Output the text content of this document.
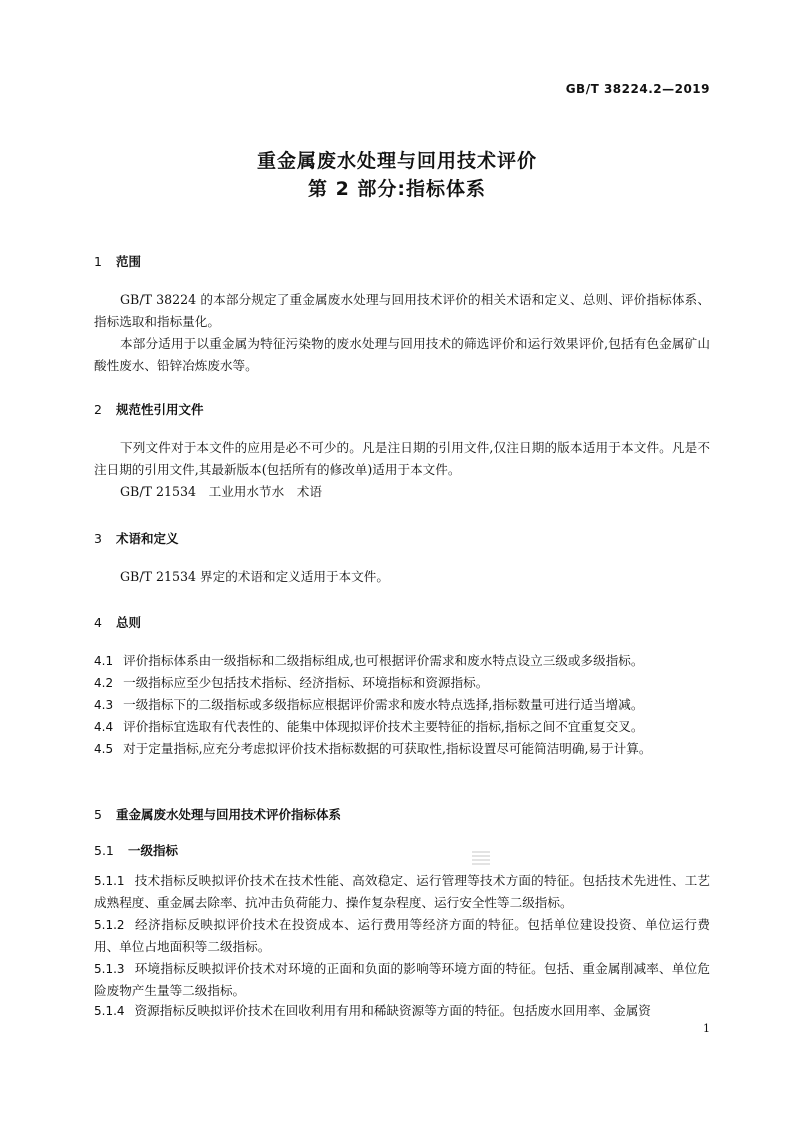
GB/T 38224.2—2019
重金属废水处理与回用技术评价
第 2 部分:指标体系
1 范围
GB/T 38224 的本部分规定了重金属废水处理与回用技术评价的相关术语和定义、总则、评价指标体系、指标选取和指标量化。
本部分适用于以重金属为特征污染物的废水处理与回用技术的筛选评价和运行效果评价,包括有色金属矿山酸性废水、铅锌冶炼废水等。
2 规范性引用文件
下列文件对于本文件的应用是必不可少的。凡是注日期的引用文件,仅注日期的版本适用于本文件。凡是不注日期的引用文件,其最新版本(包括所有的修改单)适用于本文件。
GB/T 21534　工业用水节水　术语
3 术语和定义
GB/T 21534 界定的术语和定义适用于本文件。
4 总则
4.1 评价指标体系由一级指标和二级指标组成,也可根据评价需求和废水特点设立三级或多级指标。
4.2 一级指标应至少包括技术指标、经济指标、环境指标和资源指标。
4.3 一级指标下的二级指标或多级指标应根据评价需求和废水特点选择,指标数量可进行适当增减。
4.4 评价指标宜选取有代表性的、能集中体现拟评价技术主要特征的指标,指标之间不宜重复交叉。
4.5 对于定量指标,应充分考虑拟评价技术指标数据的可获取性,指标设置尽可能简洁明确,易于计算。
5 重金属废水处理与回用技术评价指标体系
5.1 一级指标
5.1.1 技术指标反映拟评价技术在技术性能、高效稳定、运行管理等技术方面的特征。包括技术先进性、工艺成熟程度、重金属去除率、抗冲击负荷能力、操作复杂程度、运行安全性等二级指标。
5.1.2 经济指标反映拟评价技术在投资成本、运行费用等经济方面的特征。包括单位建设投资、单位运行费用、单位占地面积等二级指标。
5.1.3 环境指标反映拟评价技术对环境的正面和负面的影响等环境方面的特征。包括、重金属削减率、单位危险废物产生量等二级指标。
5.1.4 资源指标反映拟评价技术在回收利用有用和稀缺资源等方面的特征。包括废水回用率、金属资
1
